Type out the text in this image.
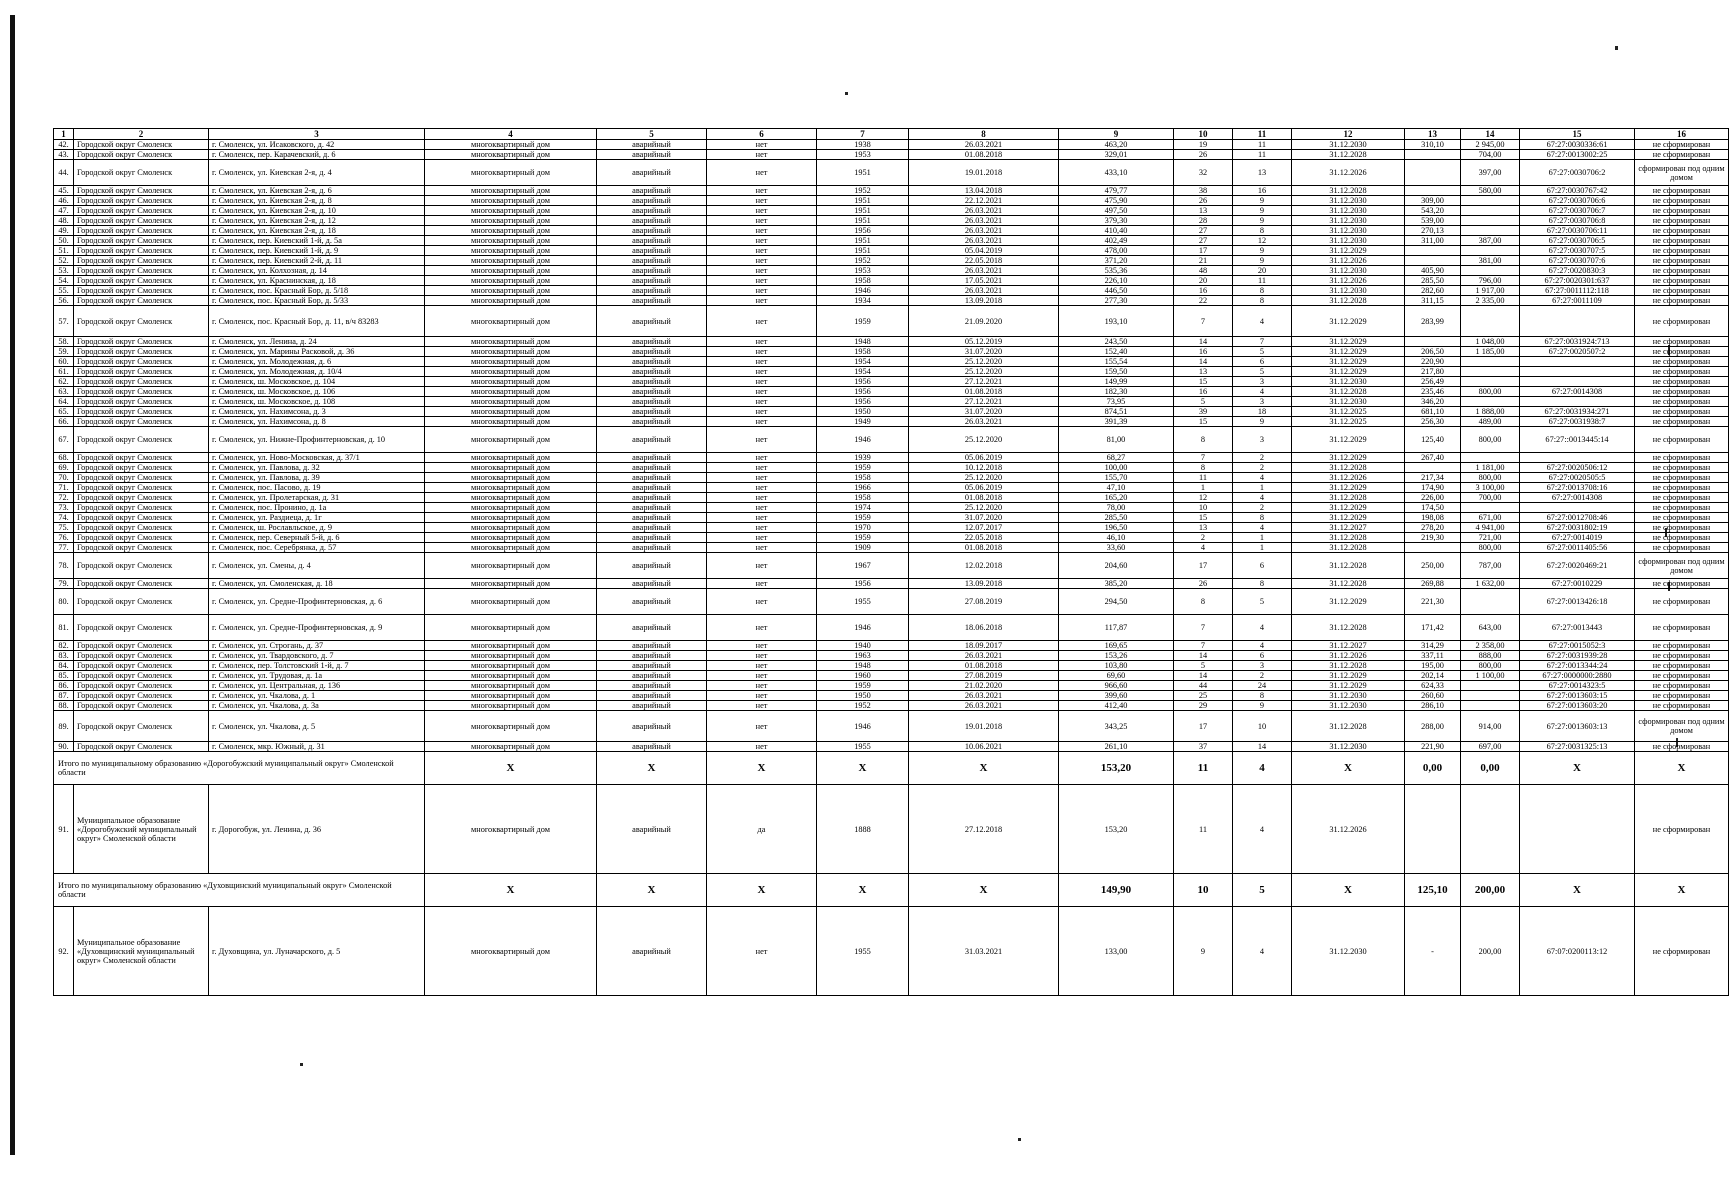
1	2	3	4	5	6	7	8	9	10	11	12	13	14	15	16
42.	Городской округ Смоленск	г. Смоленск, ул. Исаковского, д. 42	многоквартирный дом	аварийный	нет	1938	26.03.2021	463,20	19	11	31.12.2030	310,10	2 945,00	67:27:0030336:61	не сформирован
43.	Городской округ Смоленск	г. Смоленск, пер. Карачевский, д. 6	многоквартирный дом	аварийный	нет	1953	01.08.2018	329,01	26	11	31.12.2028		704,00	67:27:0013002:25	не сформирован
44.	Городской округ Смоленск	г. Смоленск, ул. Киевская 2-я, д. 4	многоквартирный дом	аварийный	нет	1951	19.01.2018	433,10	32	13	31.12.2026		397,00	67:27:0030706:2	сформирован под одним домом
45.	Городской округ Смоленск	г. Смоленск, ул. Киевская 2-я, д. 6	многоквартирный дом	аварийный	нет	1952	13.04.2018	479,77	38	16	31.12.2028		580,00	67:27:0030767:42	не сформирован
46.	Городской округ Смоленск	г. Смоленск, ул. Киевская 2-я, д. 8	многоквартирный дом	аварийный	нет	1951	22.12.2021	475,90	26	9	31.12.2030	309,00		67:27:0030706:6	не сформирован
47.	Городской округ Смоленск	г. Смоленск, ул. Киевская 2-я, д. 10	многоквартирный дом	аварийный	нет	1951	26.03.2021	497,50	13	9	31.12.2030	543,20		67:27:0030706:7	не сформирован
48.	Городской округ Смоленск	г. Смоленск, ул. Киевская 2-я, д. 12	многоквартирный дом	аварийный	нет	1951	26.03.2021	379,30	28	9	31.12.2030	539,00		67:27:0030706:8	не сформирован
49.	Городской округ Смоленск	г. Смоленск, ул. Киевская 2-я, д. 18	многоквартирный дом	аварийный	нет	1956	26.03.2021	410,40	27	8	31.12.2030	270,13		67:27:0030706:11	не сформирован
50.	Городской округ Смоленск	г. Смоленск, пер. Киевский 1-й, д. 5а	многоквартирный дом	аварийный	нет	1951	26.03.2021	402,49	27	12	31.12.2030	311,00	387,00	67:27:0030706:5	не сформирован
51.	Городской округ Смоленск	г. Смоленск, пер. Киевский 1-й, д. 9	многоквартирный дом	аварийный	нет	1951	05.04.2019	478,00	17	9	31.12.2029			67:27:0030707:5	не сформирован
52.	Городской округ Смоленск	г. Смоленск, пер. Киевский 2-й, д. 11	многоквартирный дом	аварийный	нет	1952	22.05.2018	371,20	21	9	31.12.2026		381,00	67:27:0030707:6	не сформирован
53.	Городской округ Смоленск	г. Смоленск, ул. Колхозная, д. 14	многоквартирный дом	аварийный	нет	1953	26.03.2021	535,36	48	20	31.12.2030	405,90		67:27:0020830:3	не сформирован
54.	Городской округ Смоленск	г. Смоленск, ул. Краснинская, д. 18	многоквартирный дом	аварийный	нет	1958	17.05.2021	226,10	20	11	31.12.2026	285,50	796,00	67:27:0020301:637	не сформирован
55.	Городской округ Смоленск	г. Смоленск, пос. Красный Бор, д. 5/18	многоквартирный дом	аварийный	нет	1946	26.03.2021	446,50	16	8	31.12.2030	282,60	1 917,00	67:27:0011112:118	не сформирован
56.	Городской округ Смоленск	г. Смоленск, пос. Красный Бор, д. 5/33	многоквартирный дом	аварийный	нет	1934	13.09.2018	277,30	22	8	31.12.2028	311,15	2 335,00	67:27:0011109	не сформирован
57.	Городской округ Смоленск	г. Смоленск, пос. Красный Бор, д. 11, в/ч 83283	многоквартирный дом	аварийный	нет	1959	21.09.2020	193,10	7	4	31.12.2029	283,99			не сформирован
58.	Городской округ Смоленск	г. Смоленск, ул. Ленина, д. 24	многоквартирный дом	аварийный	нет	1948	05.12.2019	243,50	14	7	31.12.2029		1 048,00	67:27:0031924:713	не сформирован
59.	Городской округ Смоленск	г. Смоленск, ул. Марины Расковой, д. 36	многоквартирный дом	аварийный	нет	1958	31.07.2020	152,40	16	5	31.12.2029	206,50	1 185,00	67:27:0020507:2	не сформирован
60.	Городской округ Смоленск	г. Смоленск, ул. Молодежная, д. 6	многоквартирный дом	аварийный	нет	1954	25.12.2020	155,54	14	6	31.12.2029	220,90			не сформирован
61.	Городской округ Смоленск	г. Смоленск, ул. Молодежная, д. 10/4	многоквартирный дом	аварийный	нет	1954	25.12.2020	159,50	13	5	31.12.2029	217,80			не сформирован
62.	Городской округ Смоленск	г. Смоленск, ш. Московское, д. 104	многоквартирный дом	аварийный	нет	1956	27.12.2021	149,99	15	3	31.12.2030	256,49			не сформирован
63.	Городской округ Смоленск	г. Смоленск, ш. Московское, д. 106	многоквартирный дом	аварийный	нет	1956	01.08.2018	182,30	16	4	31.12.2028	235,46	800,00	67:27:0014308	не сформирован
64.	Городской округ Смоленск	г. Смоленск, ш. Московское, д. 108	многоквартирный дом	аварийный	нет	1956	27.12.2021	73,95	5	3	31.12.2030	346,20			не сформирован
65.	Городской округ Смоленск	г. Смоленск, ул. Нахимсона, д. 3	многоквартирный дом	аварийный	нет	1950	31.07.2020	874,51	39	18	31.12.2025	681,10	1 888,00	67:27:0031934:271	не сформирован
66.	Городской округ Смоленск	г. Смоленск, ул. Нахимсона, д. 8	многоквартирный дом	аварийный	нет	1949	26.03.2021	391,39	15	9	31.12.2025	256,30	489,00	67:27:0031938:7	не сформирован
67.	Городской округ Смоленск	г. Смоленск, ул. Нижне-Профинтерновская, д. 10	многоквартирный дом	аварийный	нет	1946	25.12.2020	81,00	8	3	31.12.2029	125,40	800,00	67:27::0013445:14	не сформирован
68.	Городской округ Смоленск	г. Смоленск, ул. Ново-Московская, д. 37/1	многоквартирный дом	аварийный	нет	1939	05.06.2019	68,27	7	2	31.12.2029	267,40			не сформирован
69.	Городской округ Смоленск	г. Смоленск, ул. Павлова, д. 32	многоквартирный дом	аварийный	нет	1959	10.12.2018	100,00	8	2	31.12.2028		1 181,00	67:27:0020506:12	не сформирован
70.	Городской округ Смоленск	г. Смоленск, ул. Павлова, д. 39	многоквартирный дом	аварийный	нет	1958	25.12.2020	155,70	11	4	31.12.2026	217,34	800,00	67:27:0020505:5	не сформирован
71.	Городской округ Смоленск	г. Смоленск, пос. Пасово, д. 19	многоквартирный дом	аварийный	нет	1966	05.06.2019	47,10	1	1	31.12.2029	174,90	3 100,00	67:27:0013708:16	не сформирован
72.	Городской округ Смоленск	г. Смоленск, ул. Пролетарская, д. 31	многоквартирный дом	аварийный	нет	1958	01.08.2018	165,20	12	4	31.12.2028	226,00	700,00	67:27:0014308	не сформирован
73.	Городской округ Смоленск	г. Смоленск, пос. Пронино, д. 1а	многоквартирный дом	аварийный	нет	1974	25.12.2020	78,00	10	2	31.12.2029	174,50			не сформирован
74.	Городской округ Смоленск	г. Смоленск, ул. Раздиеца, д. 1г	многоквартирный дом	аварийный	нет	1959	31.07.2020	285,50	15	8	31.12.2029	198,08	671,00	67:27:0012708:46	не сформирован
75.	Городской округ Смоленск	г. Смоленск, ш. Рославльское, д. 9	многоквартирный дом	аварийный	нет	1970	12.07.2017	196,50	13	4	31.12.2027	278,20	4 941,00	67:27:0031802:19	не сформирован
76.	Городской округ Смоленск	г. Смоленск, пер. Северный 5-й, д. 6	многоквартирный дом	аварийный	нет	1959	22.05.2018	46,10	2	1	31.12.2028	219,30	721,00	67:27:0014019	не сформирован
77.	Городской округ Смоленск	г. Смоленск, пос. Серебрянка, д. 57	многоквартирный дом	аварийный	нет	1909	01.08.2018	33,60	4	1	31.12.2028		800,00	67:27:0011405:56	не сформирован
78.	Городской округ Смоленск	г. Смоленск, ул. Смены, д. 4	многоквартирный дом	аварийный	нет	1967	12.02.2018	204,60	17	6	31.12.2028	250,00	787,00	67:27:0020469:21	сформирован под одним домом
79.	Городской округ Смоленск	г. Смоленск, ул. Смоленская, д. 18	многоквартирный дом	аварийный	нет	1956	13.09.2018	385,20	26	8	31.12.2028	269,88	1 632,00	67:27:0010229	не сформирован
80.	Городской округ Смоленск	г. Смоленск, ул. Средне-Профинтерновская, д. 6	многоквартирный дом	аварийный	нет	1955	27.08.2019	294,50	8	5	31.12.2029	221,30		67:27:0013426:18	не сформирован
81.	Городской округ Смоленск	г. Смоленск, ул. Средне-Профинтерновская, д. 9	многоквартирный дом	аварийный	нет	1946	18.06.2018	117,87	7	4	31.12.2028	171,42	643,00	67:27:0013443	не сформирован
82.	Городской округ Смоленск	г. Смоленск, ул. Строгань, д. 37	многоквартирный дом	аварийный	нет	1940	18.09.2017	169,65	7	4	31.12.2027	314,29	2 358,00	67:27:0015052:3	не сформирован
83.	Городской округ Смоленск	г. Смоленск, ул. Твардовского, д. 7	многоквартирный дом	аварийный	нет	1963	26.03.2021	153,26	14	6	31.12.2026	337,11	888,00	67:27:0031939:28	не сформирован
84.	Городской округ Смоленск	г. Смоленск, пер. Толстовский 1-й, д. 7	многоквартирный дом	аварийный	нет	1948	01.08.2018	103,80	5	3	31.12.2028	195,00	800,00	67:27:0013344:24	не сформирован
85.	Городской округ Смоленск	г. Смоленск, ул. Трудовая, д. 1а	многоквартирный дом	аварийный	нет	1960	27.08.2019	69,60	14	2	31.12.2029	202,14	1 100,00	67:27:0000000:2880	не сформирован
86.	Городской округ Смоленск	г. Смоленск, ул. Центральная, д. 136	многоквартирный дом	аварийный	нет	1959	21.02.2020	966,60	44	24	31.12.2029	624,33		67:27:0014323:5	не сформирован
87.	Городской округ Смоленск	г. Смоленск, ул. Чкалова, д. 1	многоквартирный дом	аварийный	нет	1950	26.03.2021	399,60	25	8	31.12.2030	260,60		67:27:0013603:15	не сформирован
88.	Городской округ Смоленск	г. Смоленск, ул. Чкалова, д. 3а	многоквартирный дом	аварийный	нет	1952	26.03.2021	412,40	29	9	31.12.2030	286,10		67:27:0013603:20	не сформирован
89.	Городской округ Смоленск	г. Смоленск, ул. Чкалова, д. 5	многоквартирный дом	аварийный	нет	1946	19.01.2018	343,25	17	10	31.12.2028	288,00	914,00	67:27:0013603:13	сформирован под одним домом
90.	Городской округ Смоленск	г. Смоленск, мкр. Южный, д. 31	многоквартирный дом	аварийный	нет	1955	10.06.2021	261,10	37	14	31.12.2030	221,90	697,00	67:27:0031325:13	не сформирован
Итого по муниципальному образованию «Дорогобужский муниципальный округ» Смоленской области			X	X	X	X	X	153,20	11	4	X	0,00	0,00	X	X
91.	Муниципальное образование «Дорогобужский муниципальный округ» Смоленской области	г. Дорогобуж, ул. Ленина, д. 36	многоквартирный дом	аварийный	да	1888	27.12.2018	153,20	11	4	31.12.2026				не сформирован
Итого по муниципальному образованию «Духовщинский муниципальный округ» Смоленской области			X	X	X	X	X	149,90	10	5	X	125,10	200,00	X	X
92.	Муниципальное образование «Духовщинский муниципальный округ» Смоленской области	г. Духовщина, ул. Луначарского, д. 5	многоквартирный дом	аварийный	нет	1955	31.03.2021	133,00	9	4	31.12.2030	-	200,00	67:07:0200113:12	не сформирован
